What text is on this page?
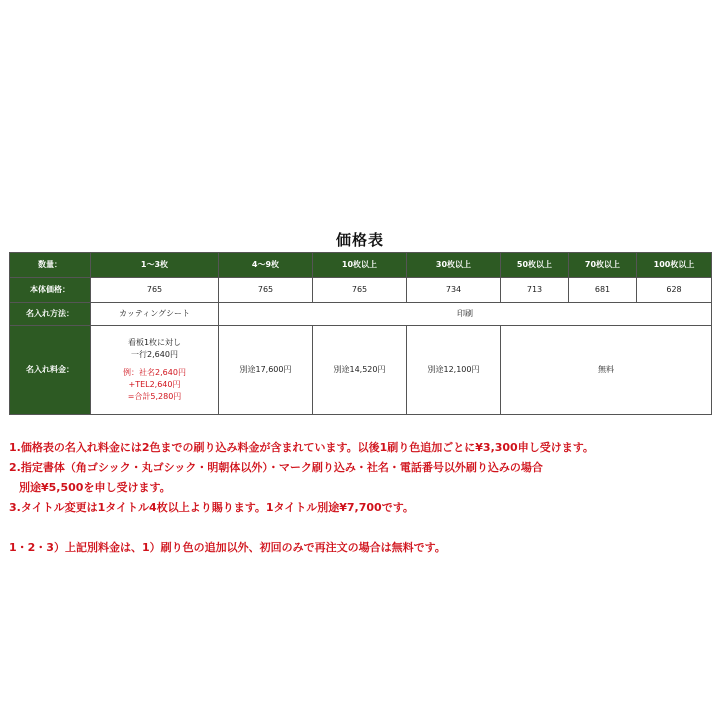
価格表
数量：	1〜3枚	4〜9枚	10枚以上	30枚以上	50枚以上	70枚以上	100枚以上
本体価格：	765	765	765	734	713	681	628
名入れ方法：	カッティングシート	印刷					
名入れ料金：	看板1枚に対し
一行2,640円
例：社名2,640円
+TEL2,640円
=合計5,280円	別途17,600円	別途14,520円	別途12,100円	無料		
1.価格表の名入れ料金には2色までの刷り込み料金が含まれています。以後1刷り色追加ごとに¥3,300申し受けます。
2.指定書体（角ゴシック・丸ゴシック・明朝体以外）・マーク刷り込み・社名・電話番号以外刷り込みの場合
別途¥5,500を申し受けます。
3.タイトル変更は1タイトル4枚以上より賜ります。1タイトル別途¥7,700です。
1・2・3）上記別料金は、1）刷り色の追加以外、初回のみで再注文の場合は無料です。
